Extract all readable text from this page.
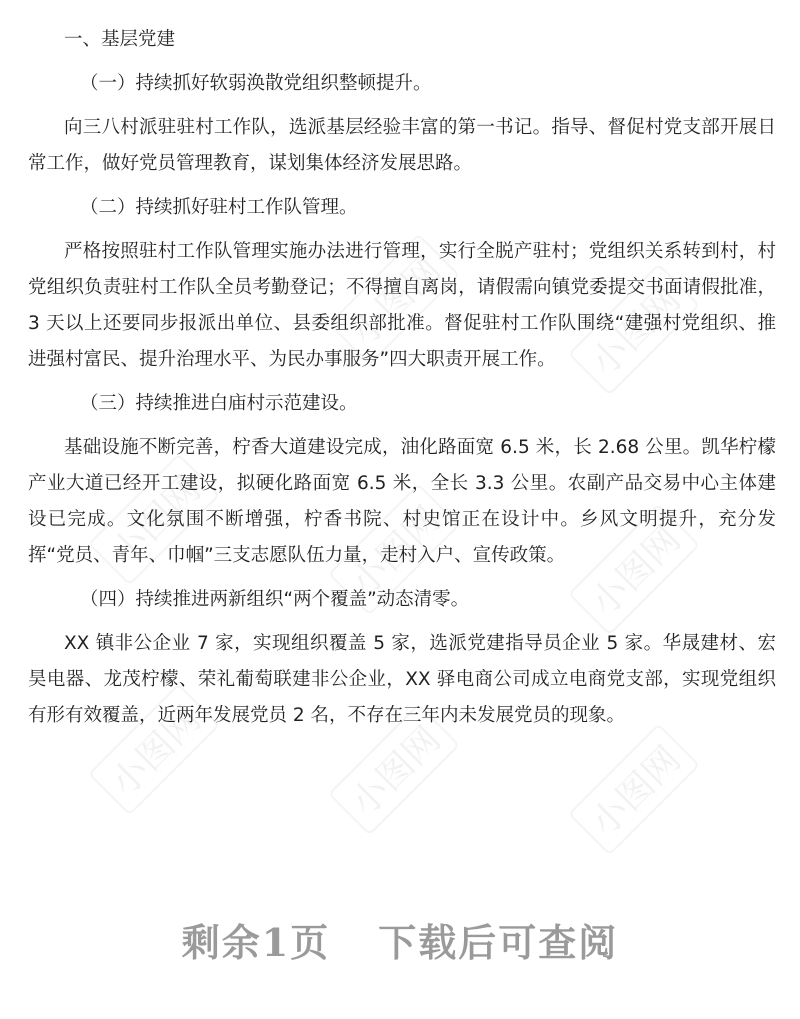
小图网	小图网
小图网	小图网	小图网
小图网	小图网	小图网

一、基层党建

（一）持续抓好软弱涣散党组织整顿提升。

向三八村派驻驻村工作队，选派基层经验丰富的第一书记。指导、督促村党支部开展日常工作，做好党员管理教育，谋划集体经济发展思路。

（二）持续抓好驻村工作队管理。

严格按照驻村工作队管理实施办法进行管理，实行全脱产驻村；党组织关系转到村，村党组织负责驻村工作队全员考勤登记；不得擅自离岗，请假需向镇党委提交书面请假批准，3 天以上还要同步报派出单位、县委组织部批准。督促驻村工作队围绕“建强村党组织、推进强村富民、提升治理水平、为民办事服务”四大职责开展工作。

（三）持续推进白庙村示范建设。

基础设施不断完善，柠香大道建设完成，油化路面宽 6.5 米，长 2.68 公里。凯华柠檬产业大道已经开工建设，拟硬化路面宽 6.5 米，全长 3.3 公里。农副产品交易中心主体建设已完成。文化氛围不断增强，柠香书院、村史馆正在设计中。乡风文明提升，充分发挥“党员、青年、巾帼”三支志愿队伍力量，走村入户、宣传政策。

（四）持续推进两新组织“两个覆盖”动态清零。

XX 镇非公企业 7 家，实现组织覆盖 5 家，选派党建指导员企业 5 家。华晟建材、宏昊电器、龙茂柠檬、荣礼葡萄联建非公企业，XX 驿电商公司成立电商党支部，实现党组织有形有效覆盖，近两年发展党员 2 名，不存在三年内未发展党员的现象。

剩余1页 下载后可查阅
